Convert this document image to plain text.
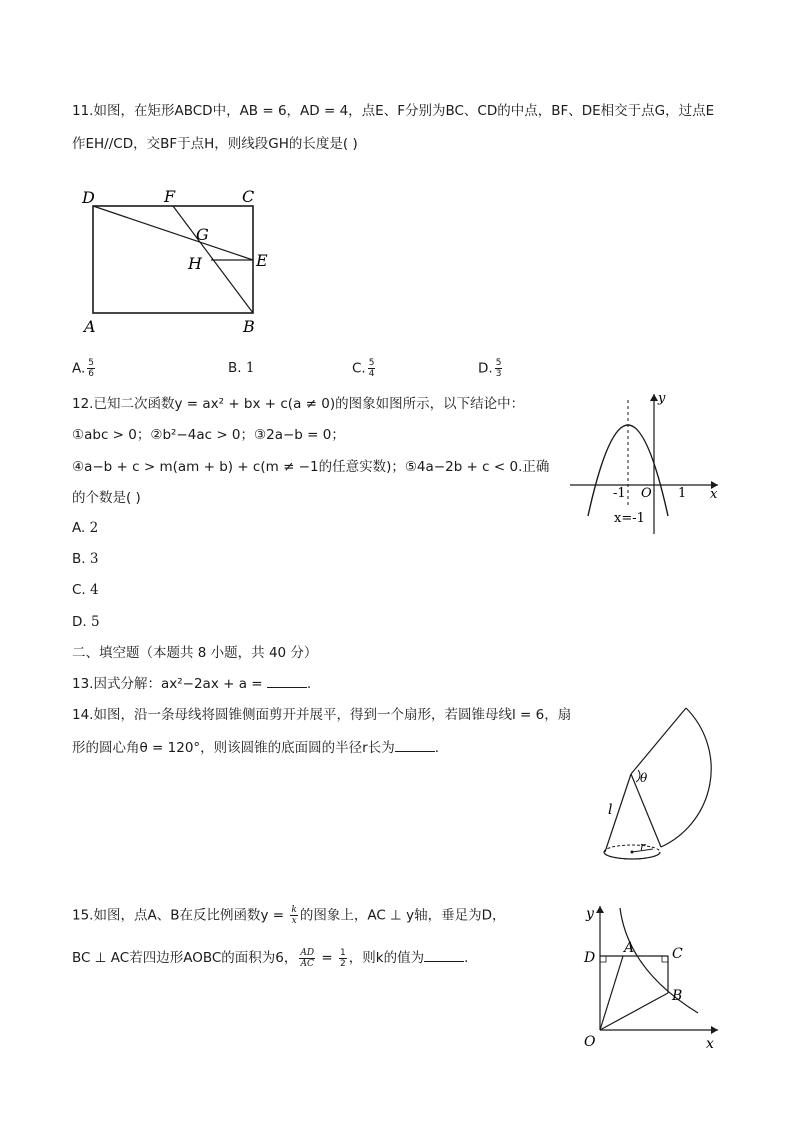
11.如图，在矩形ABCD中，AB = 6，AD = 4，点E、F分别为BC、CD的中点，BF、DE相交于点G，过点E
作EH//CD，交BF于点H，则线段GH的长度是( )
D	F	C
G
H	E
A	B
A. $\frac{5}{6}$	B. 1	C. $\frac{5}{4}$	D. $\frac{5}{3}$
12.已知二次函数y = ax² + bx + c(a ≠ 0)的图象如图所示，以下结论中：
①abc > 0；②b²−4ac > 0；③2a−b = 0；
④a−b + c > m(am + b) + c(m ≠ −1的任意实数)；⑤4a−2b + c < 0.正确
的个数是( )
A. 2
B. 3
C. 4
D. 5
y
x
-1 O 1
x=-1
二、填空题（本题共 8 小题，共 40 分）
13.因式分解：ax²−2ax + a =	.
14.如图，沿一条母线将圆锥侧面剪开并展平，得到一个扇形，若圆锥母线l = 6，扇
形的圆心角θ = 120°，则该圆锥的底面圆的半径r长为	.
θ
l
r
15.如图，点A、B在反比例函数$y = \frac{k}{x}$ 的图象上，AC ⊥ y轴，垂足为D，
BC ⊥ AC若四边形AOBC的面积为6， $\frac{AD}{AC} = \frac{1}{2}$ ，则k的值为	.
y
D
A	C
B
O	x
